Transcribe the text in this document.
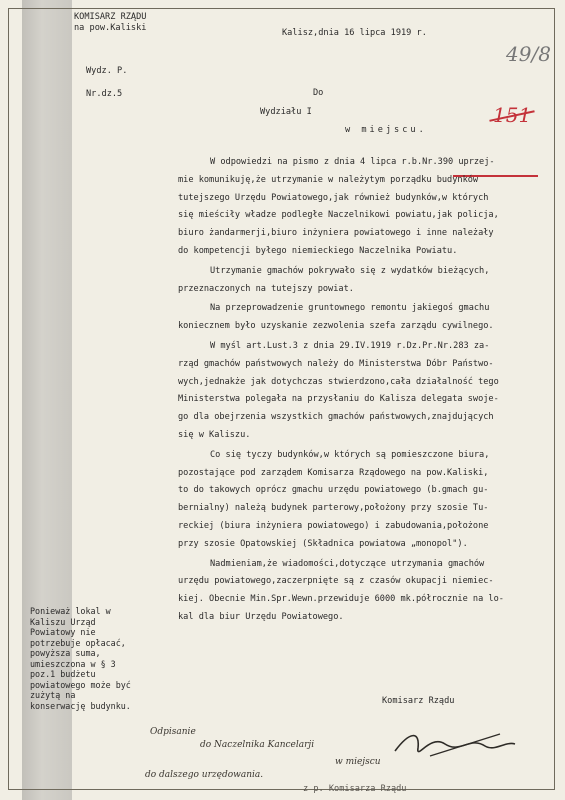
KOMISARZ RZĄDU
na pow.Kaliski
Wydz. P.
Nr.dz.5
Kalisz,dnia 16 lipca 1919 r.
49/8
151
Do
Wydziału I
w miejscu.

W odpowiedzi na pismo z dnia 4 lipca r.b.Nr.390 uprzej-
mie komunikuję,że utrzymanie w należytym porządku budynków
tutejszego Urzędu Powiatowego,jak również budynków,w których
się mieściły władze podległe Naczelnikowi powiatu,jak policja,
biuro żandarmerji,biuro inżyniera powiatowego i inne należały
do kompetencji byłego niemieckiego Naczelnika Powiatu.

Utrzymanie gmachów pokrywało się z wydatków bieżących,
przeznaczonych na tutejszy powiat.

Na przeprowadzenie gruntownego remontu jakiegoś gmachu
koniecznem było uzyskanie zezwolenia szefa zarządu cywilnego.

W myśl art.Lust.3 z dnia 29.IV.1919 r.Dz.Pr.Nr.283 za-
rząd gmachów państwowych należy do Ministerstwa Dóbr Państwo-
wych,jednakże jak dotychczas stwierdzono,cała działalność tego
Ministerstwa polegała na przysłaniu do Kalisza delegata swoje-
go dla obejrzenia wszystkich gmachów państwowych,znajdujących
się w Kaliszu.

Co się tyczy budynków,w których są pomieszczone biura,
pozostające pod zarządem Komisarza Rządowego na pow.Kaliski,
to do takowych oprócz gmachu urzędu powiatowego (b.gmach gu-
bernialny) należą budynek parterowy,położony przy szosie Tu-
reckiej (biura inżyniera powiatowego) i zabudowania,położone
przy szosie Opatowskiej (Składnica powiatowa „monopol").

Nadmieniam,że wiadomości,dotyczące utrzymania gmachów
urzędu powiatowego,zaczerpnięte są z czasów okupacji niemiec-
kiej. Obecnie Min.Spr.Wewn.przewiduje 6000 mk.półrocznie na lo-
kal dla biur Urzędu Powiatowego.

Ponieważ lokal w Kaliszu Urząd Powiatowy nie potrzebuje opłacać, powyższa suma, umieszczona w § 3 poz.1 budżetu powiatowego może być zużytą na konserwację budynku.	Komisarz Rządu
Odpisanie
do Naczelnika Kancelarji
w miejscu
do dalszego urzędowania.
z p. Komisarza Rządu
